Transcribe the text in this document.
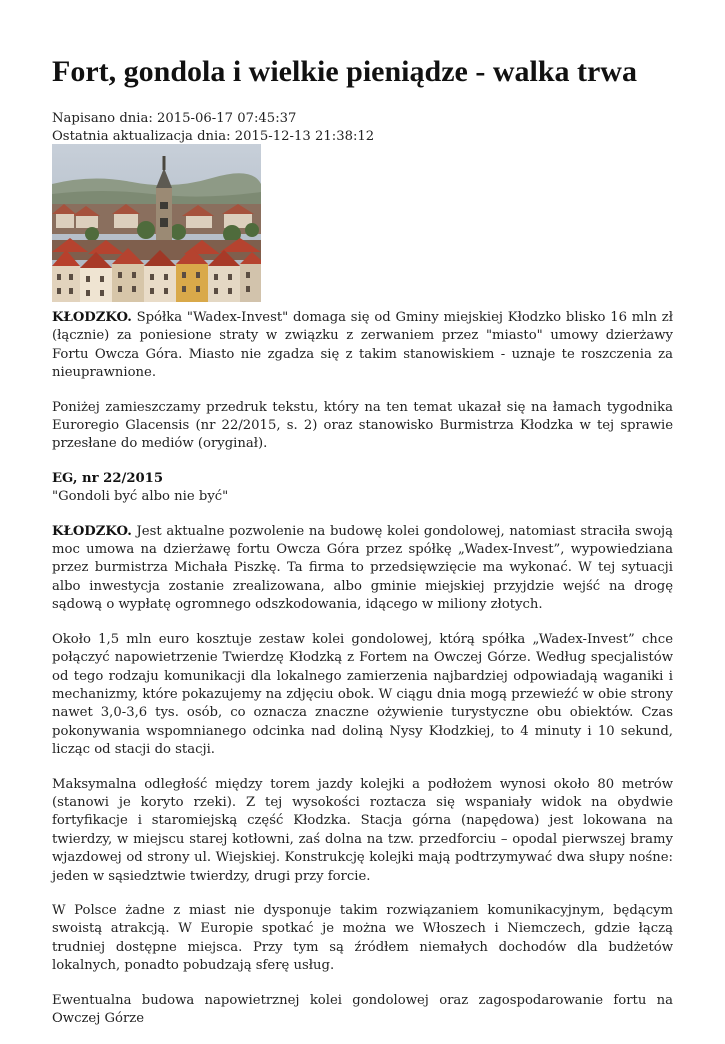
Fort, gondola i wielkie pieniądze - walka trwa
Napisano dnia: 2015-06-17 07:45:37
Ostatnia aktualizacja dnia: 2015-12-13 21:38:12

KŁODZKO. Spółka "Wadex-Invest" domaga się od Gminy miejskiej Kłodzko blisko 16 mln zł (łącznie) za poniesione straty w związku z zerwaniem przez "miasto" umowy dzierżawy Fortu Owcza Góra. Miasto nie zgadza się z takim stanowiskiem - uznaje te roszczenia za nieuprawnione.

Poniżej zamieszczamy przedruk tekstu, który na ten temat ukazał się na łamach tygodnika Euroregio Glacensis (nr 22/2015, s. 2) oraz stanowisko Burmistrza Kłodzka w tej sprawie przesłane do mediów (oryginał).

EG, nr 22/2015
"Gondoli być albo nie być"

KŁODZKO. Jest aktualne pozwolenie na budowę kolei gondolowej, natomiast straciła swoją moc umowa na dzierżawę fortu Owcza Góra przez spółkę „Wadex-Invest”, wypowiedziana przez burmistrza Michała Piszkę. Ta firma to przedsięwzięcie ma wykonać. W tej sytuacji albo inwestycja zostanie zrealizowana, albo gminie miejskiej przyjdzie wejść na drogę sądową o wypłatę ogromnego odszkodowania, idącego w miliony złotych.

Około 1,5 mln euro kosztuje zestaw kolei gondolowej, którą spółka „Wadex-Invest” chce połączyć napowietrzenie Twierdzę Kłodzką z Fortem na Owczej Górze. Według specjalistów od tego rodzaju komunikacji dla lokalnego zamierzenia najbardziej odpowiadają waganiki i mechanizmy, które pokazujemy na zdjęciu obok. W ciągu dnia mogą przewieźć w obie strony nawet 3,0-3,6 tys. osób, co oznacza znaczne ożywienie turystyczne obu obiektów. Czas pokonywania wspomnianego odcinka nad doliną Nysy Kłodzkiej, to 4 minuty i 10 sekund, licząc od stacji do stacji.

Maksymalna odległość między torem jazdy kolejki a podłożem wynosi około 80 metrów (stanowi je koryto rzeki). Z tej wysokości roztacza się wspaniały widok na obydwie fortyfikacje i staromiejską część Kłodzka. Stacja górna (napędowa) jest lokowana na twierdzy, w miejscu starej kotłowni, zaś dolna na tzw. przedforciu – opodal pierwszej bramy wjazdowej od strony ul. Wiejskiej. Konstrukcję kolejki mają podtrzymywać dwa słupy nośne: jeden w sąsiedztwie twierdzy, drugi przy forcie.

W Polsce żadne z miast nie dysponuje takim rozwiązaniem komunikacyjnym, będącym swoistą atrakcją. W Europie spotkać je można we Włoszech i Niemczech, gdzie łączą trudniej dostępne miejsca. Przy tym są źródłem niemałych dochodów dla budżetów lokalnych, ponadto pobudzają sferę usług.

Ewentualna budowa napowietrznej kolei gondolowej oraz zagospodarowanie fortu na Owczej Górze
